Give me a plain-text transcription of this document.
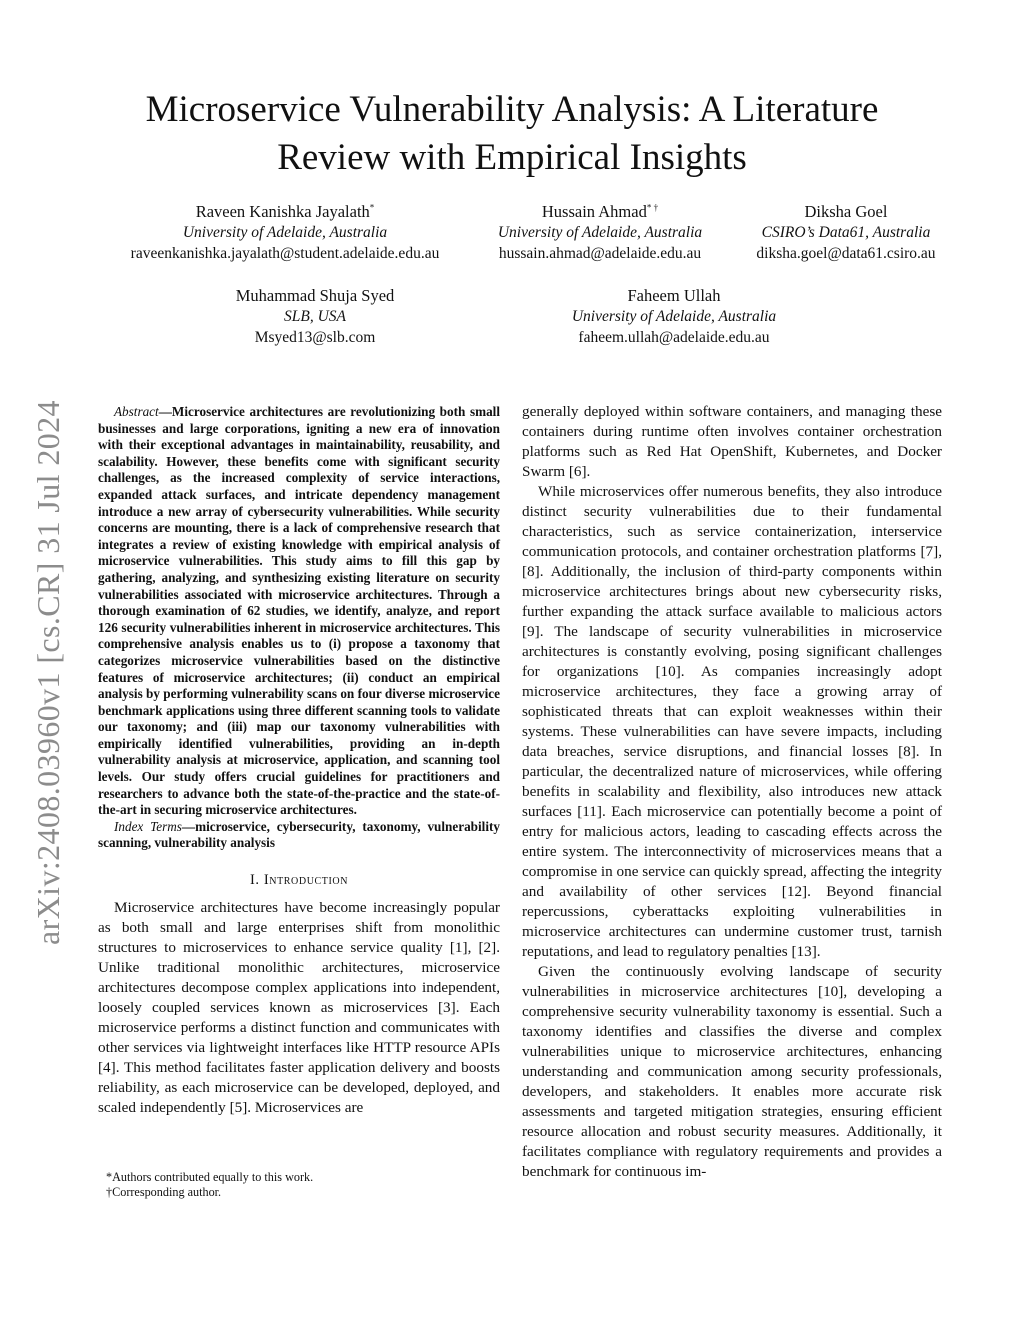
arXiv:2408.03960v1 [cs.CR] 31 Jul 2024
Microservice Vulnerability Analysis: A Literature
Review with Empirical Insights
Raveen Kanishka Jayalath*
University of Adelaide, Australia
raveenkanishka.jayalath@student.adelaide.edu.au
Hussain Ahmad* †
University of Adelaide, Australia
hussain.ahmad@adelaide.edu.au
Diksha Goel
CSIRO’s Data61, Australia
diksha.goel@data61.csiro.au
Muhammad Shuja Syed
SLB, USA
Msyed13@slb.com
Faheem Ullah
University of Adelaide, Australia
faheem.ullah@adelaide.edu.au

Abstract—Microservice architectures are revolutionizing both small businesses and large corporations, igniting a new era of innovation with their exceptional advantages in maintainability, reusability, and scalability. However, these benefits come with significant security challenges, as the increased complexity of service interactions, expanded attack surfaces, and intricate dependency management introduce a new array of cybersecurity vulnerabilities. While security concerns are mounting, there is a lack of comprehensive research that integrates a review of existing knowledge with empirical analysis of microservice vulnerabilities. This study aims to fill this gap by gathering, analyzing, and synthesizing existing literature on security vulnerabilities associated with microservice architectures. Through a thorough examination of 62 studies, we identify, analyze, and report 126 security vulnerabilities inherent in microservice architectures. This comprehensive analysis enables us to (i) propose a taxonomy that categorizes microservice vulnerabilities based on the distinctive features of microservice architectures; (ii) conduct an empirical analysis by performing vulnerability scans on four diverse microservice benchmark applications using three different scanning tools to validate our taxonomy; and (iii) map our taxonomy vulnerabilities with empirically identified vulnerabilities, providing an in-depth vulnerability analysis at microservice, application, and scanning tool levels. Our study offers crucial guidelines for practitioners and researchers to advance both the state-of-the-practice and the state-of-the-art in securing microservice architectures.

Index Terms—microservice, cybersecurity, taxonomy, vulnerability scanning, vulnerability analysis

I. Introduction

Microservice architectures have become increasingly popular as both small and large enterprises shift from monolithic structures to microservices to enhance service quality [1], [2]. Unlike traditional monolithic architectures, microservice architectures decompose complex applications into independent, loosely coupled services known as microservices [3]. Each microservice performs a distinct function and communicates with other services via lightweight interfaces like HTTP resource APIs [4]. This method facilitates faster application delivery and boosts reliability, as each microservice can be developed, deployed, and scaled independently [5]. Microservices are

generally deployed within software containers, and managing these containers during runtime often involves container orchestration platforms such as Red Hat OpenShift, Kubernetes, and Docker Swarm [6].

While microservices offer numerous benefits, they also introduce distinct security vulnerabilities due to their fundamental characteristics, such as service containerization, interservice communication protocols, and container orchestration platforms [7], [8]. Additionally, the inclusion of third-party components within microservice architectures brings about new cybersecurity risks, further expanding the attack surface available to malicious actors [9]. The landscape of security vulnerabilities in microservice architectures is constantly evolving, posing significant challenges for organizations [10]. As companies increasingly adopt microservice architectures, they face a growing array of sophisticated threats that can exploit weaknesses within their systems. These vulnerabilities can have severe impacts, including data breaches, service disruptions, and financial losses [8]. In particular, the decentralized nature of microservices, while offering benefits in scalability and flexibility, also introduces new attack surfaces [11]. Each microservice can potentially become a point of entry for malicious actors, leading to cascading effects across the entire system. The interconnectivity of microservices means that a compromise in one service can quickly spread, affecting the integrity and availability of other services [12]. Beyond financial repercussions, cyberattacks exploiting vulnerabilities in microservice architectures can undermine customer trust, tarnish reputations, and lead to regulatory penalties [13].

Given the continuously evolving landscape of security vulnerabilities in microservice architectures [10], developing a comprehensive security vulnerability taxonomy is essential. Such a taxonomy identifies and classifies the diverse and complex vulnerabilities unique to microservice architectures, enhancing understanding and communication among security professionals, developers, and stakeholders. It enables more accurate risk assessments and targeted mitigation strategies, ensuring efficient resource allocation and robust security measures. Additionally, it facilitates compliance with regulatory requirements and provides a benchmark for continuous im-

*Authors contributed equally to this work.
†Corresponding author.
